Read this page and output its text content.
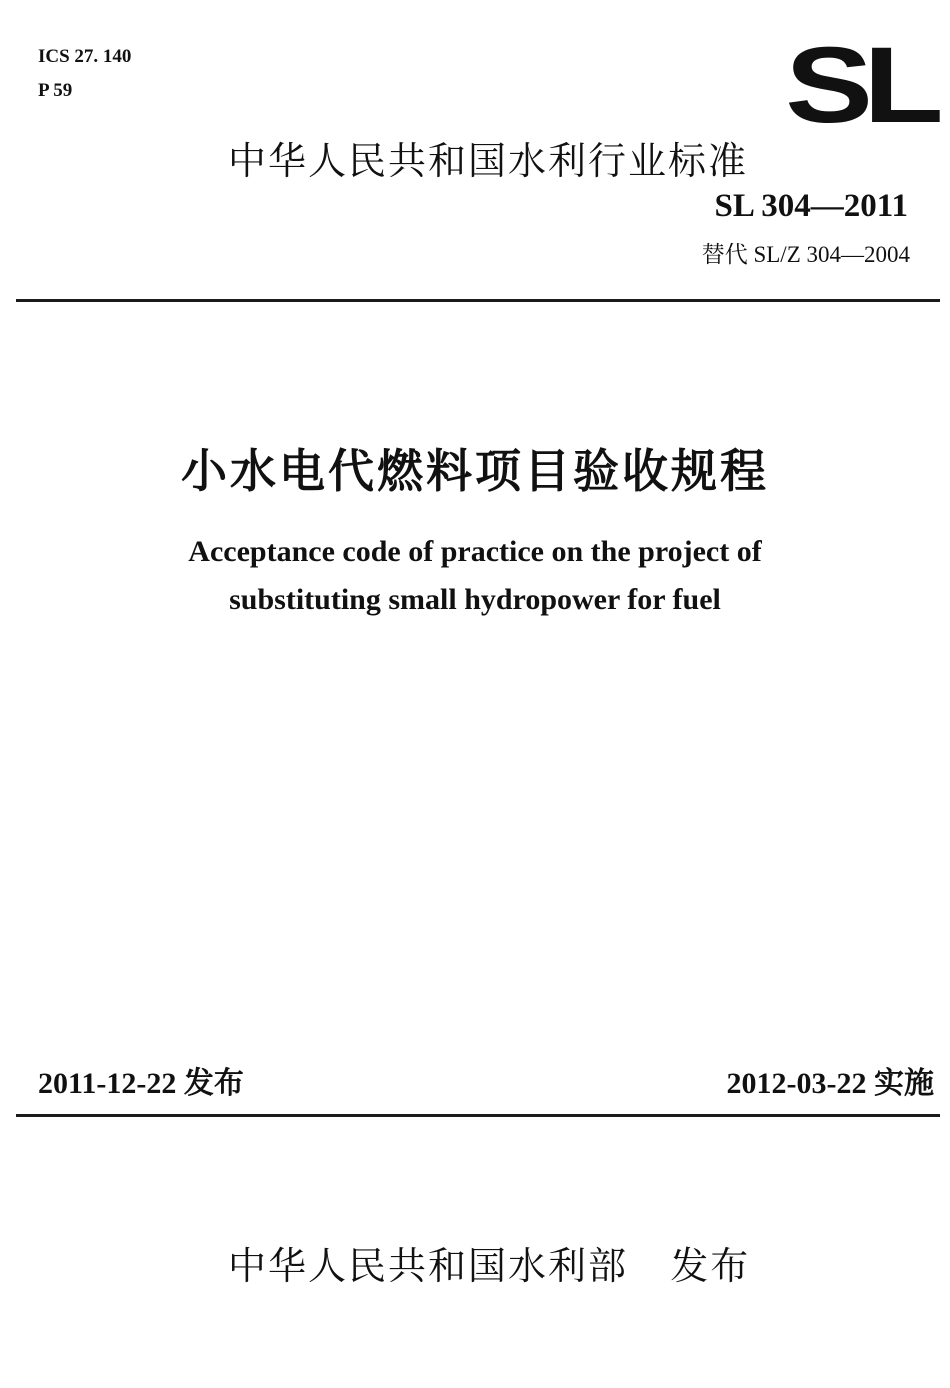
ICS 27. 140
P 59	SL
中华人民共和国水利行业标准
SL 304—2011
替代 SL/Z 304—2004
小水电代燃料项目验收规程
Acceptance code of practice on the project of
substituting small hydropower for fuel
2011-12-22 发布	2012-03-22 实施
中华人民共和国水利部   发布
